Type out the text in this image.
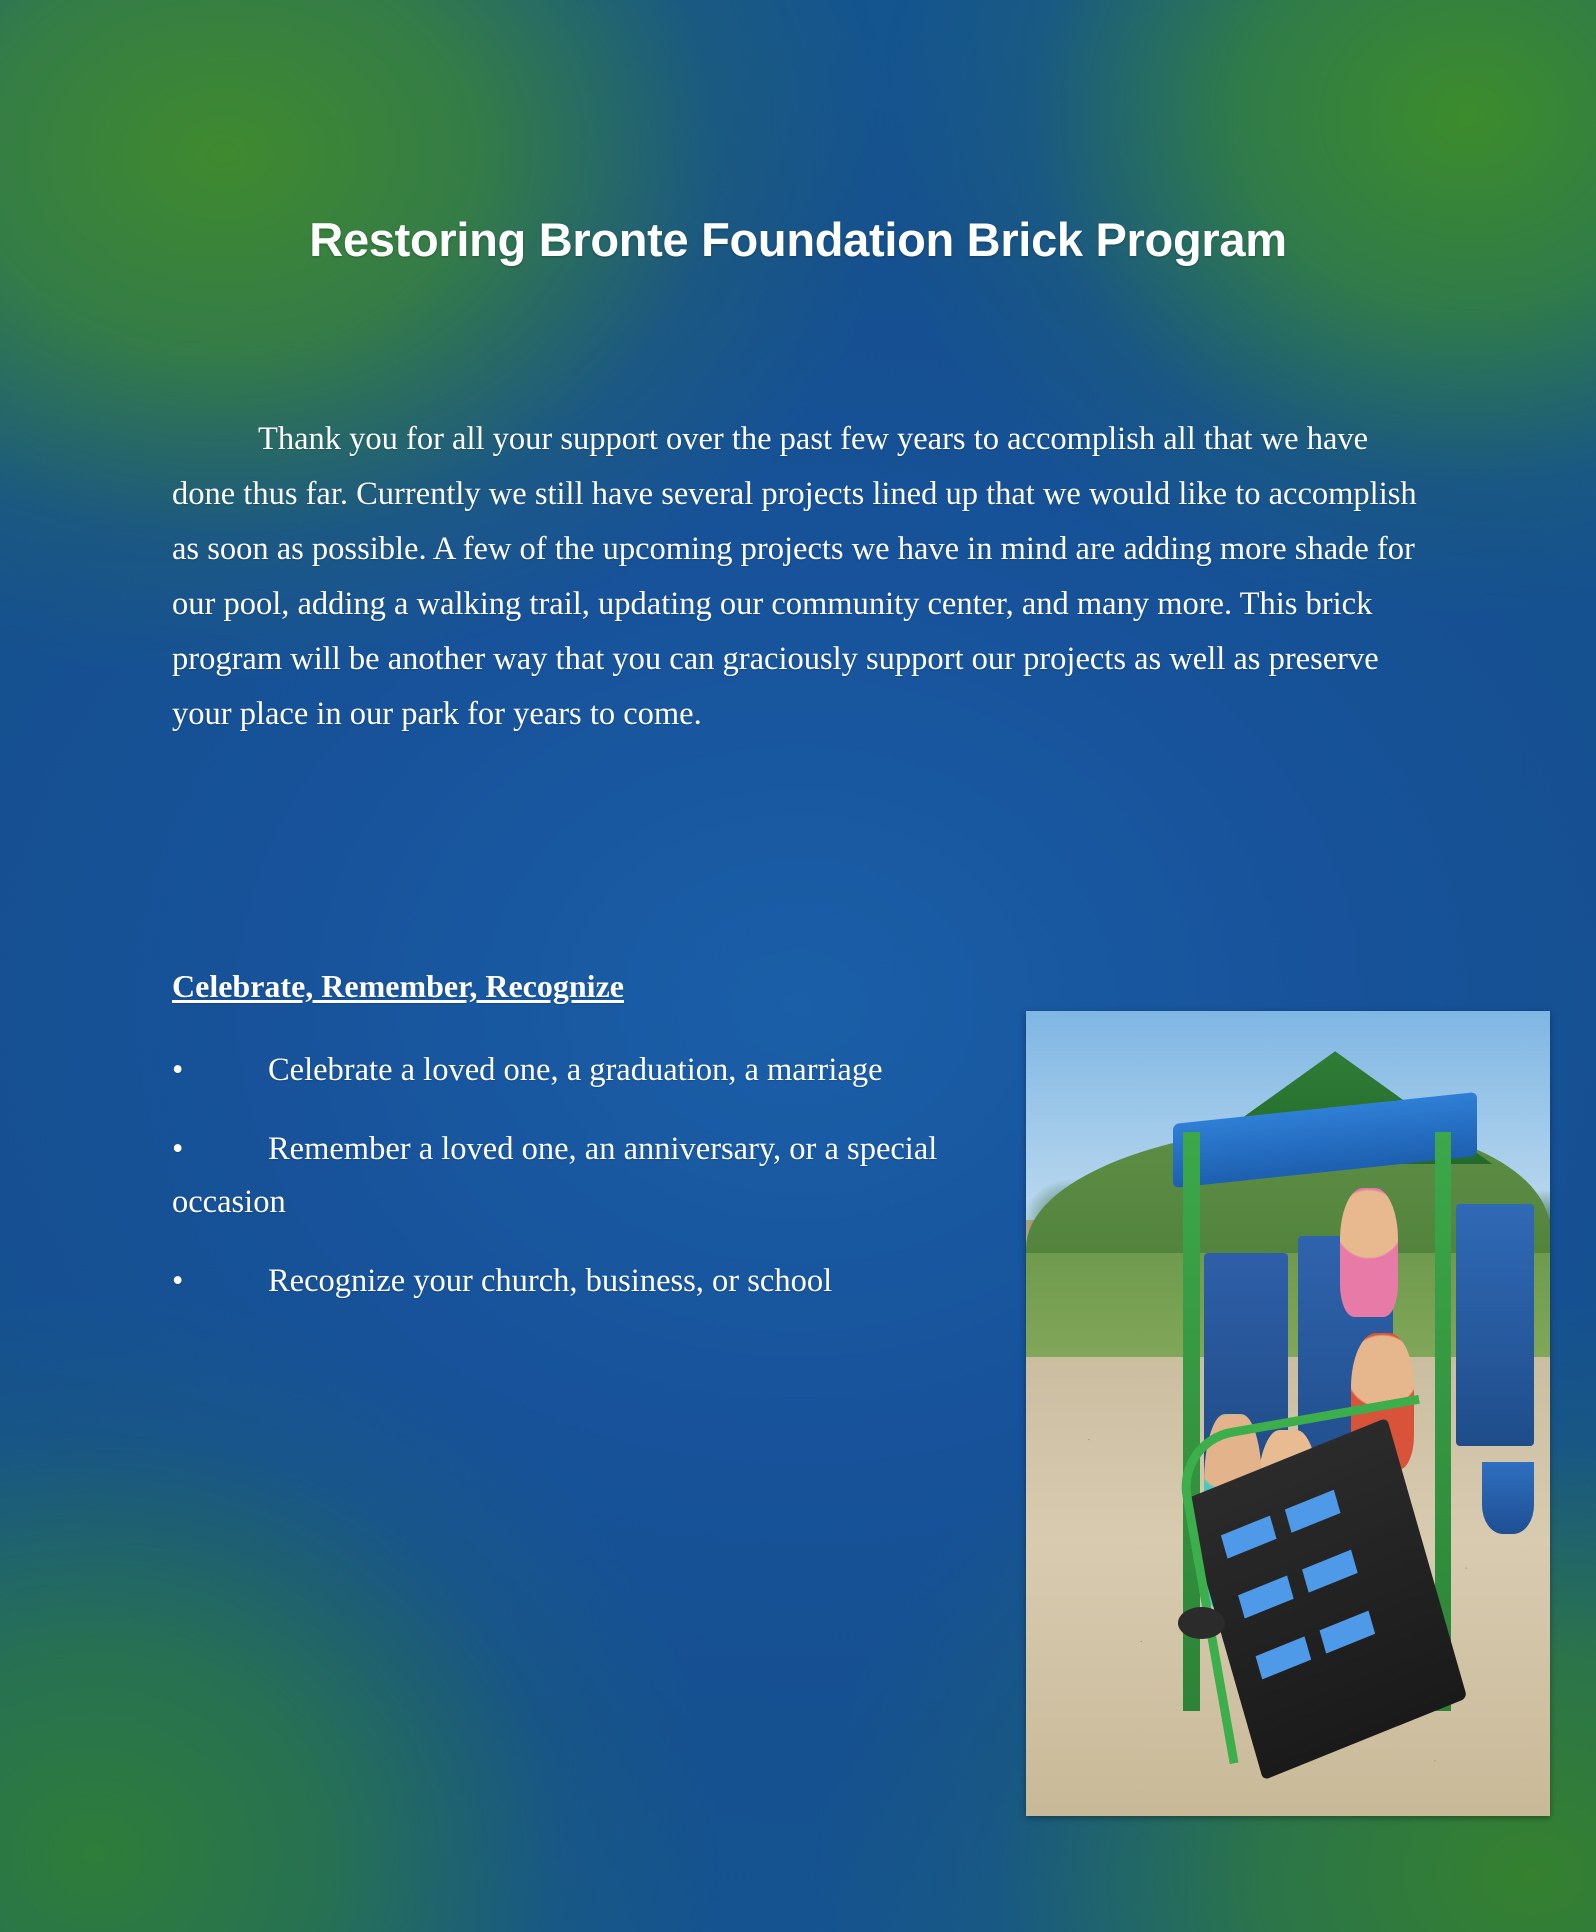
Restoring Bronte Foundation Brick Program
Thank you for all your support over the past few years to accomplish all that we have done thus far. Currently we still have several projects lined up that we would like to accomplish as soon as possible. A few of the upcoming projects we have in mind are adding more shade for our pool, adding a walking trail, updating our community center, and many more. This brick program will be another way that you can graciously support our projects as well as preserve your place in our park for years to come.
Celebrate, Remember, Recognize
•	Celebrate a loved one, a graduation, a marriage
•	Remember a loved one, an anniversary, or a special occasion
•	Recognize your church, business, or school
